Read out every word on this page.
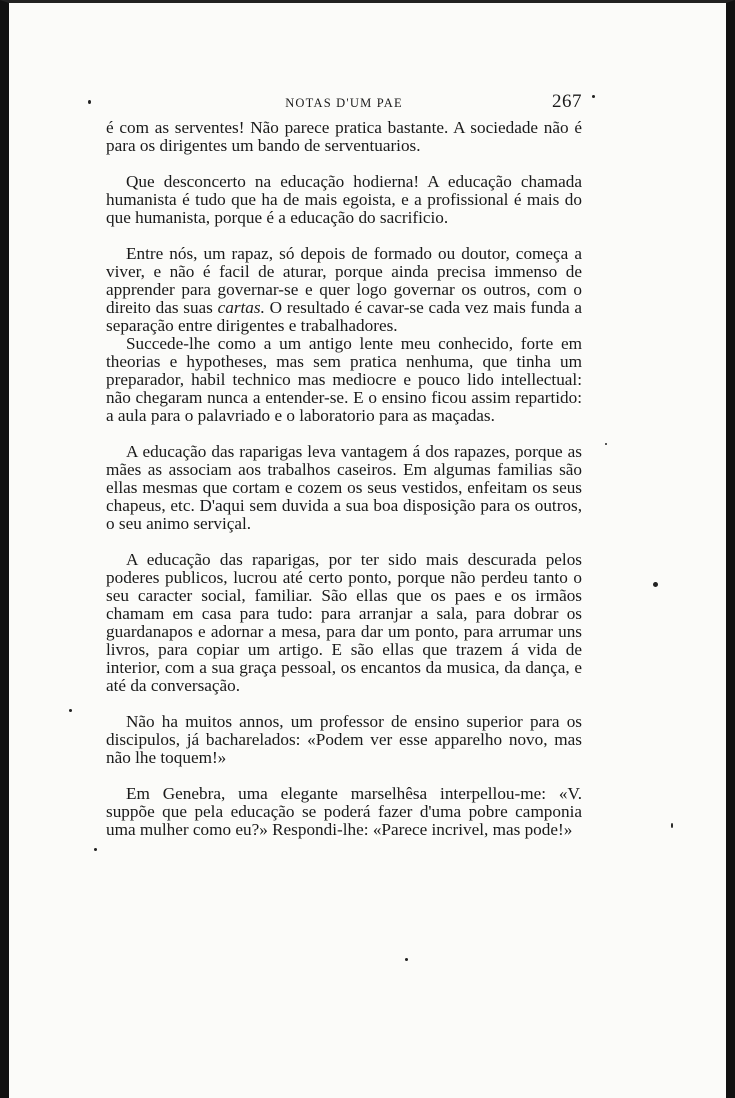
NOTAS D'UM PAE	267

é com as serventes! Não parece pratica bastante. A sociedade não é para os dirigentes um bando de serventuarios.

Que desconcerto na educação hodierna! A educação chamada humanista é tudo que ha de mais egoista, e a profissional é mais do que humanista, porque é a educação do sacrificio.

Entre nós, um rapaz, só depois de formado ou doutor, começa a viver, e não é facil de aturar, porque ainda precisa immenso de apprender para governar-se e quer logo governar os outros, com o direito das suas cartas. O resultado é cavar-se cada vez mais funda a separação entre dirigentes e trabalhadores.

Succede-lhe como a um antigo lente meu conhecido, forte em theorias e hypotheses, mas sem pratica nenhuma, que tinha um preparador, habil technico mas mediocre e pouco lido intellectual: não chegaram nunca a entender-se. E o ensino ficou assim repartido: a aula para o palavriado e o laboratorio para as maçadas.

A educação das raparigas leva vantagem á dos rapazes, porque as mães as associam aos trabalhos caseiros. Em algumas familias são ellas mesmas que cortam e cozem os seus vestidos, enfeitam os seus chapeus, etc. D'aqui sem duvida a sua boa disposição para os outros, o seu animo serviçal.

A educação das raparigas, por ter sido mais descurada pelos poderes publicos, lucrou até certo ponto, porque não perdeu tanto o seu caracter social, familiar. São ellas que os paes e os irmãos chamam em casa para tudo: para arranjar a sala, para dobrar os guardanapos e adornar a mesa, para dar um ponto, para arrumar uns livros, para copiar um artigo. E são ellas que trazem á vida de interior, com a sua graça pessoal, os encantos da musica, da dança, e até da conversação.

Não ha muitos annos, um professor de ensino superior para os discipulos, já bacharelados: «Podem ver esse apparelho novo, mas não lhe toquem!»

Em Genebra, uma elegante marselhêsa interpellou-me: «V. suppõe que pela educação se poderá fazer d'uma pobre camponia uma mulher como eu?» Respondi-lhe: «Parece incrivel, mas pode!»
